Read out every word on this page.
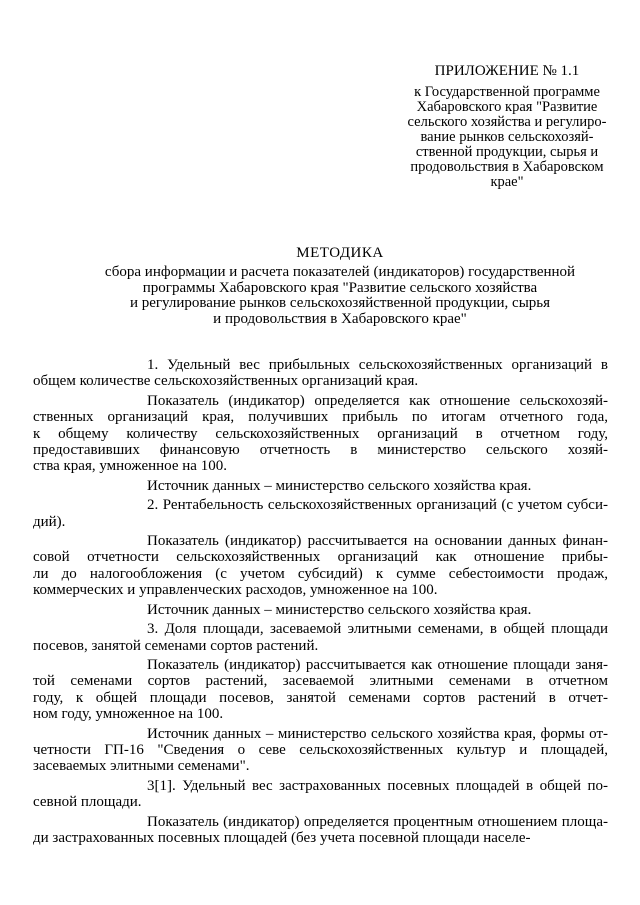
ПРИЛОЖЕНИЕ № 1.1
к Государственной программе
Хабаровского края "Развитие
сельского хозяйства и регулиро-
вание рынков сельскохозяй-
ственной продукции, сырья и
продовольствия в Хабаровском
крае"
МЕТОДИКА
сбора информации и расчета показателей (индикаторов) государственной
программы Хабаровского края "Развитие сельского хозяйства
и регулирование рынков сельскохозяйственной продукции, сырья
и продовольствия в Хабаровского крае"
1. Удельный вес прибыльных сельскохозяйственных организаций в
общем количестве сельскохозяйственных организаций края.
Показатель (индикатор) определяется как отношение сельскохозяй-
ственных организаций края, получивших прибыль по итогам отчетного года,
к общему количеству сельскохозяйственных организаций в отчетном году,
предоставивших финансовую отчетность в министерство сельского хозяй-
ства края, умноженное на 100.
Источник данных – министерство сельского хозяйства края.
2. Рентабельность сельскохозяйственных организаций (с учетом субси-
дий).
Показатель (индикатор) рассчитывается на основании данных финан-
совой отчетности сельскохозяйственных организаций как отношение прибы-
ли до налогообложения (с учетом субсидий) к сумме себестоимости продаж,
коммерческих и управленческих расходов, умноженное на 100.
Источник данных – министерство сельского хозяйства края.
3. Доля площади, засеваемой элитными семенами, в общей площади
посевов, занятой семенами сортов растений.
Показатель (индикатор) рассчитывается как отношение площади заня-
той семенами сортов растений, засеваемой элитными семенами в отчетном
году, к общей площади посевов, занятой семенами сортов растений в отчет-
ном году, умноженное на 100.
Источник данных – министерство сельского хозяйства края, формы от-
четности ГП-16 "Сведения о севе сельскохозяйственных культур и площадей,
засеваемых элитными семенами".
3[1]. Удельный вес застрахованных посевных площадей в общей по-
севной площади.
Показатель (индикатор) определяется процентным отношением площа-
ди застрахованных посевных площадей (без учета посевной площади населе-
